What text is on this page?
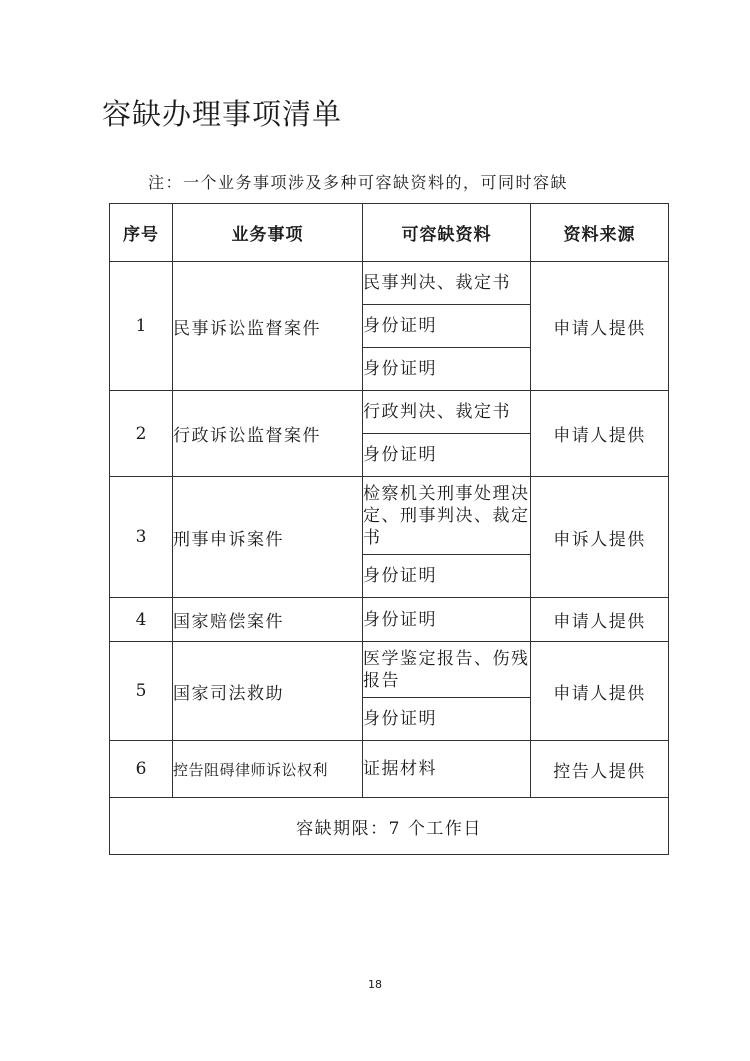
容缺办理事项清单
注：一个业务事项涉及多种可容缺资料的，可同时容缺
序号	业务事项	可容缺资料	资料来源
1	民事诉讼监督案件	民事判决、裁定书	申请人提供
		身份证明	
		身份证明	
2	行政诉讼监督案件	行政判决、裁定书	申请人提供
		身份证明	
3	刑事申诉案件	检察机关刑事处理决定、刑事判决、裁定书	申诉人提供
		身份证明	
4	国家赔偿案件	身份证明	申请人提供
5	国家司法救助	医学鉴定报告、伤残报告	申请人提供
		身份证明	
6	控告阻碍律师诉讼权利	证据材料	控告人提供
容缺期限：7 个工作日			
18
